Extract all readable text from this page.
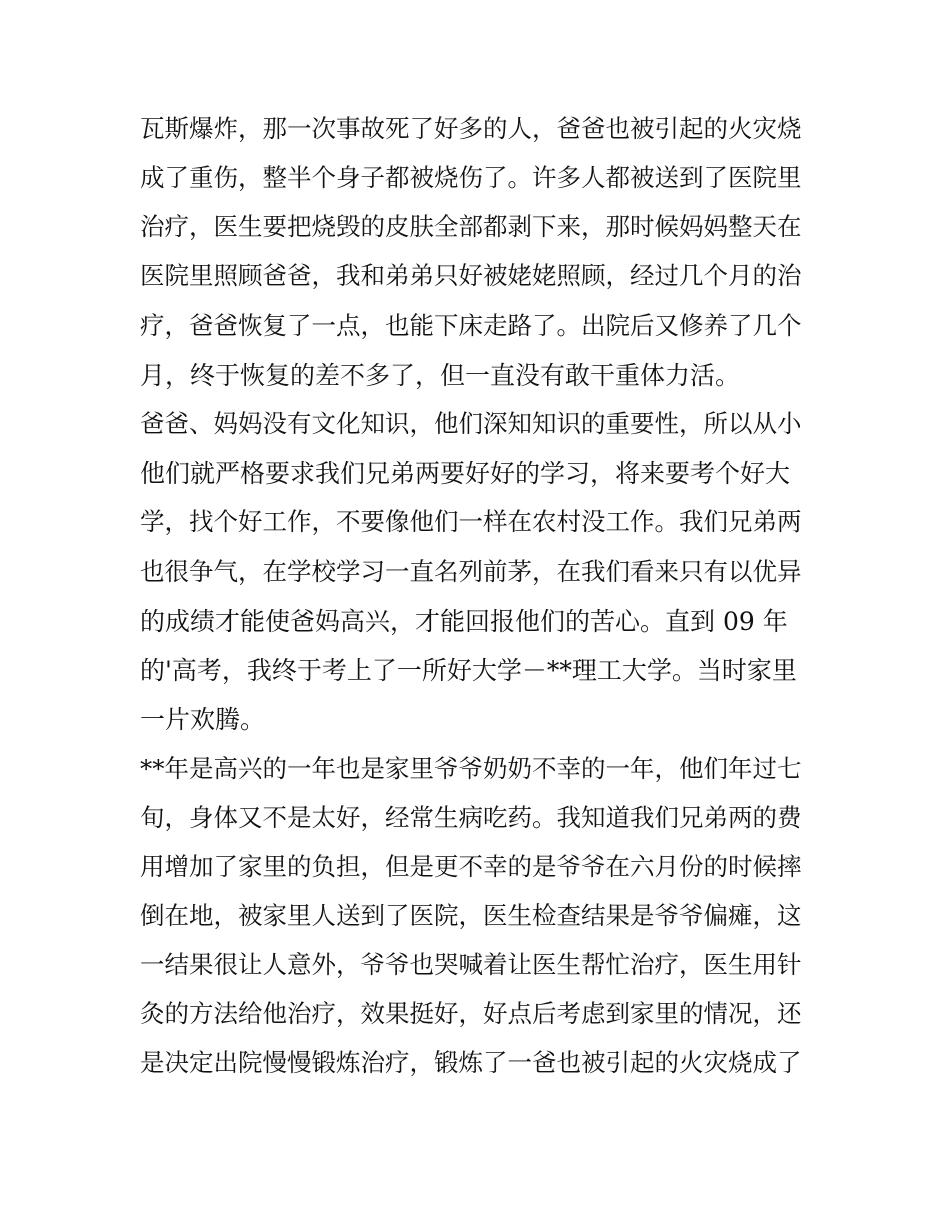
瓦斯爆炸，那一次事故死了好多的人，爸爸也被引起的火灾烧
成了重伤，整半个身子都被烧伤了。许多人都被送到了医院里
治疗，医生要把烧毁的皮肤全部都剥下来，那时候妈妈整天在
医院里照顾爸爸，我和弟弟只好被姥姥照顾，经过几个月的治
疗，爸爸恢复了一点，也能下床走路了。出院后又修养了几个
月，终于恢复的差不多了，但一直没有敢干重体力活。
爸爸、妈妈没有文化知识，他们深知知识的重要性，所以从小
他们就严格要求我们兄弟两要好好的学习，将来要考个好大
学，找个好工作，不要像他们一样在农村没工作。我们兄弟两
也很争气，在学校学习一直名列前茅，在我们看来只有以优异
的成绩才能使爸妈高兴，才能回报他们的苦心。直到 09 年
的'高考，我终于考上了一所好大学－**理工大学。当时家里
一片欢腾。
**年是高兴的一年也是家里爷爷奶奶不幸的一年，他们年过七
旬，身体又不是太好，经常生病吃药。我知道我们兄弟两的费
用增加了家里的负担，但是更不幸的是爷爷在六月份的时候摔
倒在地，被家里人送到了医院，医生检查结果是爷爷偏瘫，这
一结果很让人意外，爷爷也哭喊着让医生帮忙治疗，医生用针
灸的方法给他治疗，效果挺好，好点后考虑到家里的情况，还
是决定出院慢慢锻炼治疗，锻炼了一爸也被引起的火灾烧成了
